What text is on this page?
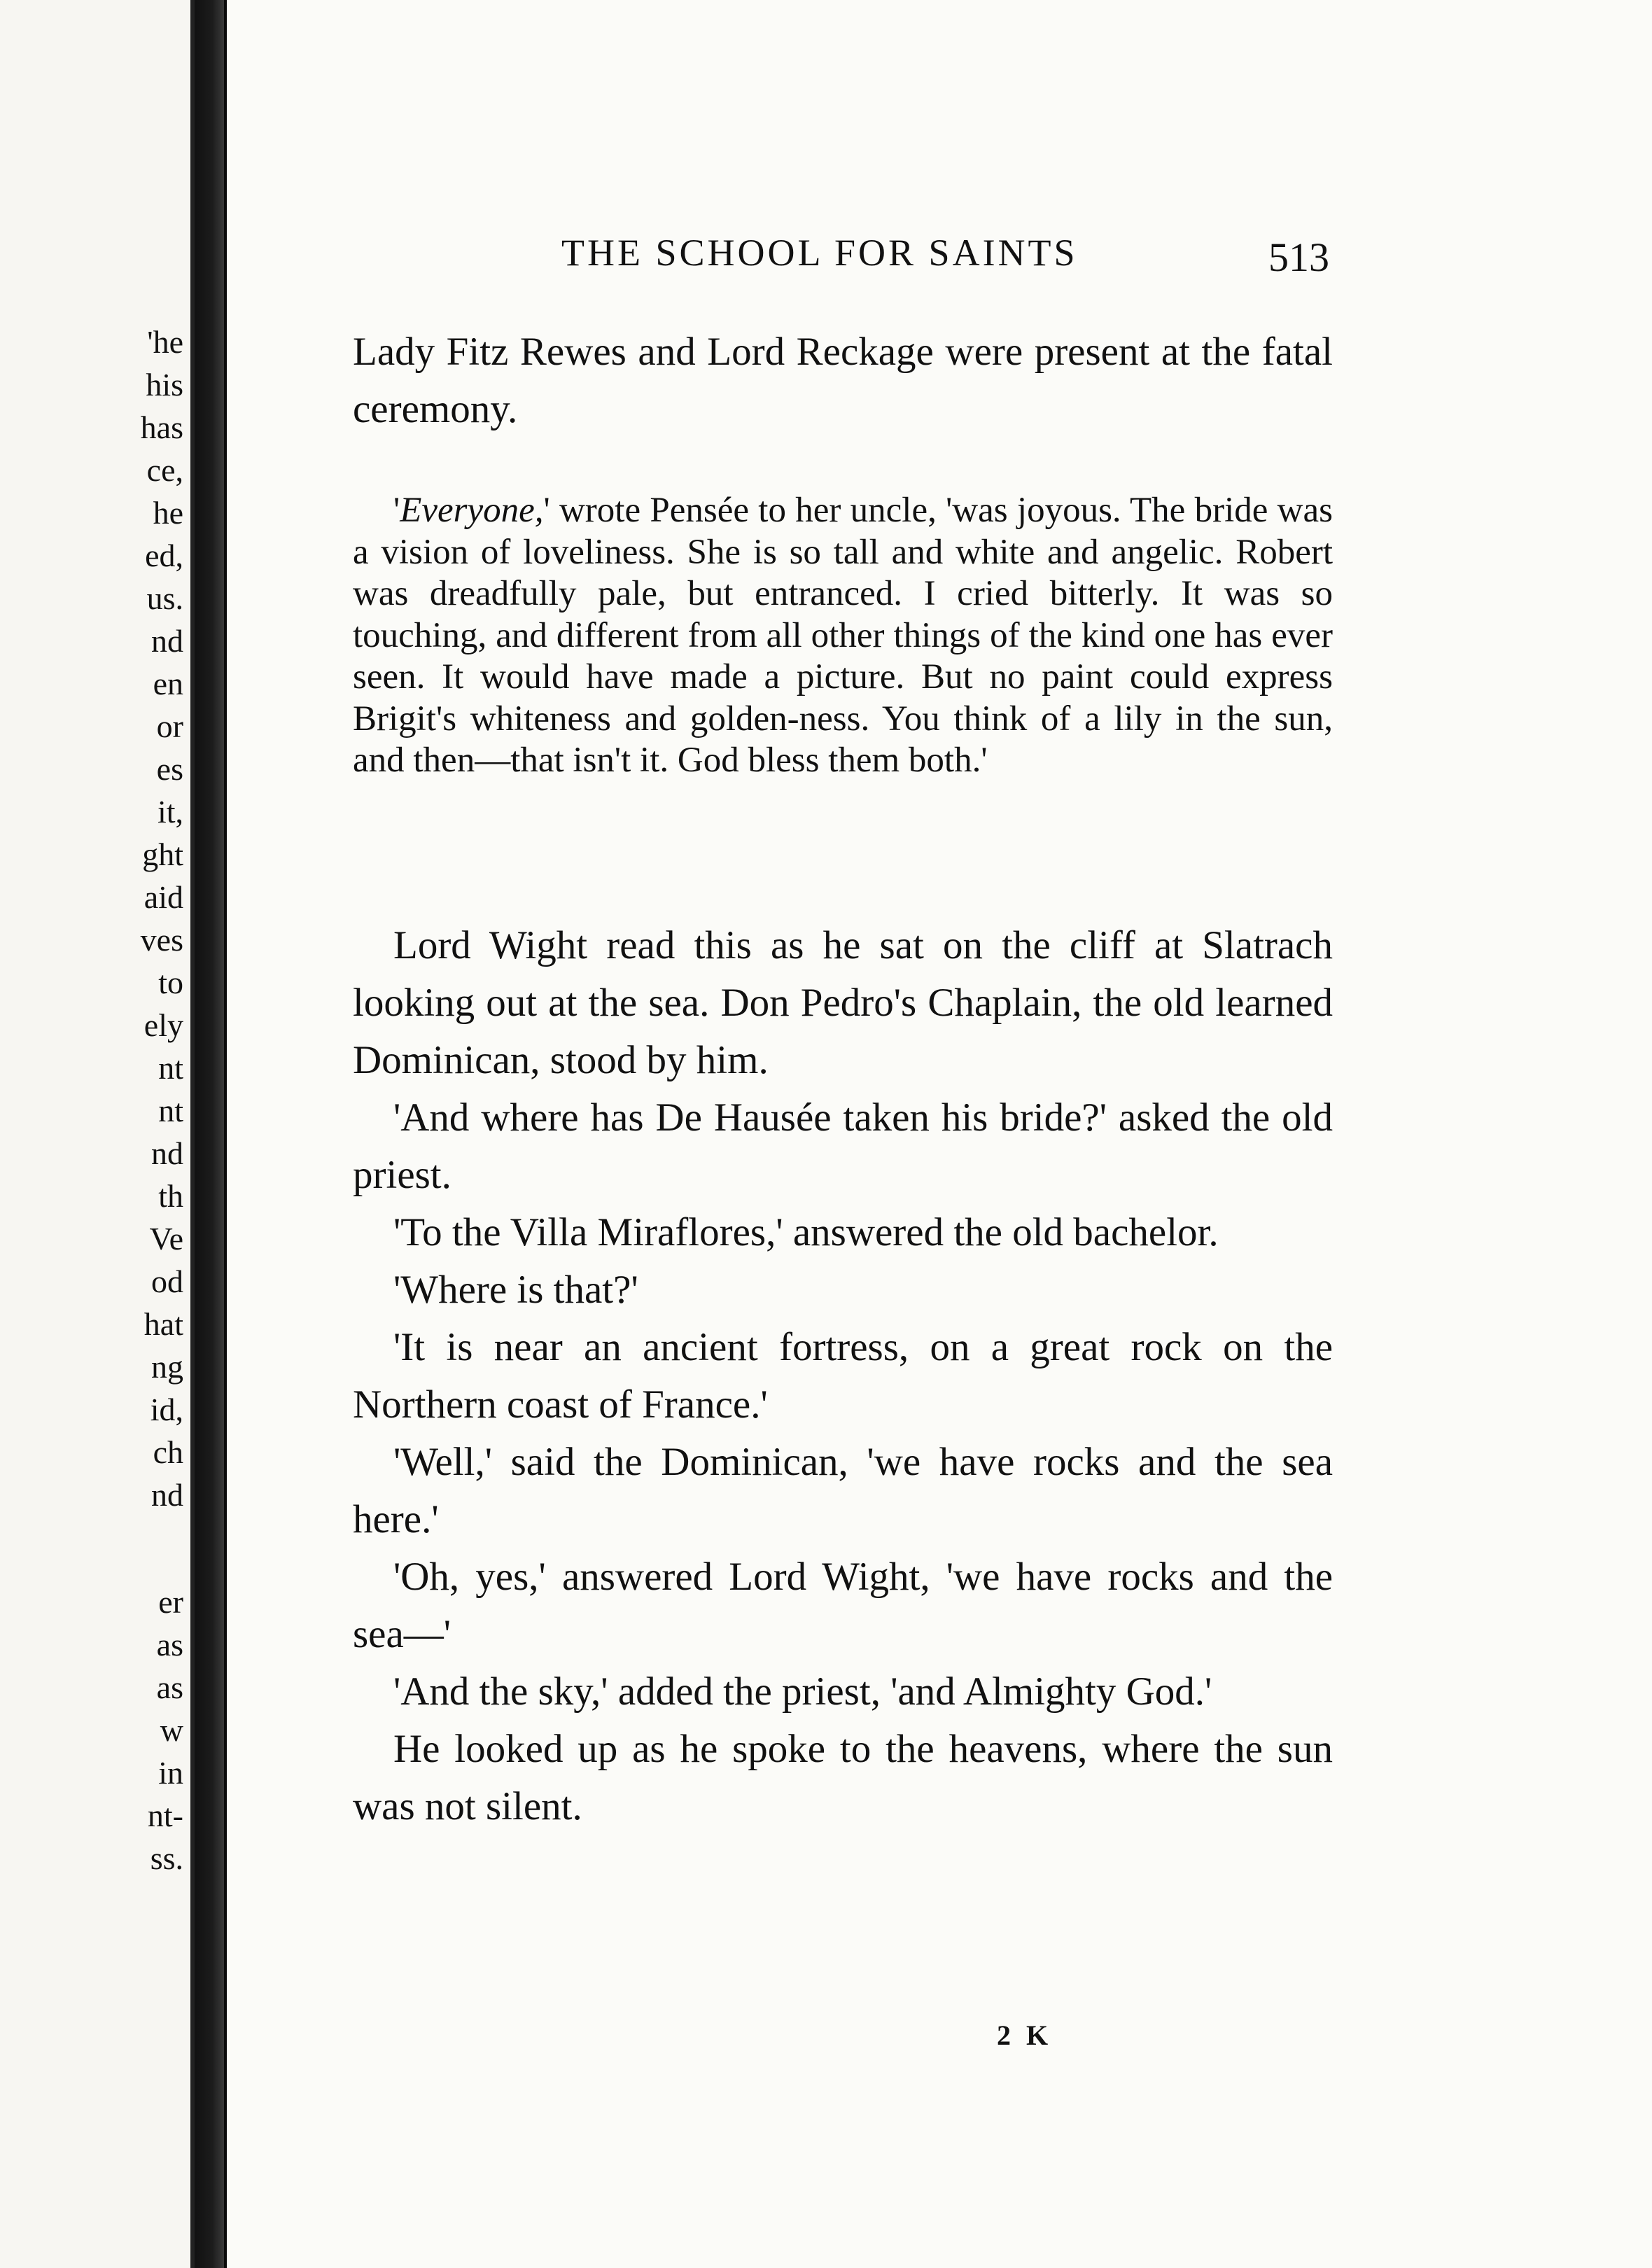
'he
his
has
ce,
he
ed,
us.
nd
en
or
es
it,
ght
aid
ves
to
ely
nt
nt
nd
th
Ve
od
hat
ng
id,
ch
nd
er
as
as
w
in
nt-
ss.
THE SCHOOL FOR SAINTS	513

Lady Fitz Rewes and Lord Reckage were present at the fatal ceremony.

'Everyone,' wrote Pensée to her uncle, 'was joyous. The bride was a vision of loveliness. She is so tall and white and angelic. Robert was dreadfully pale, but entranced. I cried bitterly. It was so touching, and different from all other things of the kind one has ever seen. It would have made a picture. But no paint could express Brigit's whiteness and golden-ness. You think of a lily in the sun, and then—that isn't it. God bless them both.'

Lord Wight read this as he sat on the cliff at Slatrach looking out at the sea. Don Pedro's Chaplain, the old learned Dominican, stood by him.

'And where has De Hausée taken his bride?' asked the old priest.

'To the Villa Miraflores,' answered the old bachelor.

'Where is that?'

'It is near an ancient fortress, on a great rock on the Northern coast of France.'

'Well,' said the Dominican, 'we have rocks and the sea here.'

'Oh, yes,' answered Lord Wight, 'we have rocks and the sea—'

'And the sky,' added the priest, 'and Almighty God.'

He looked up as he spoke to the heavens, where the sun was not silent.

2 K
